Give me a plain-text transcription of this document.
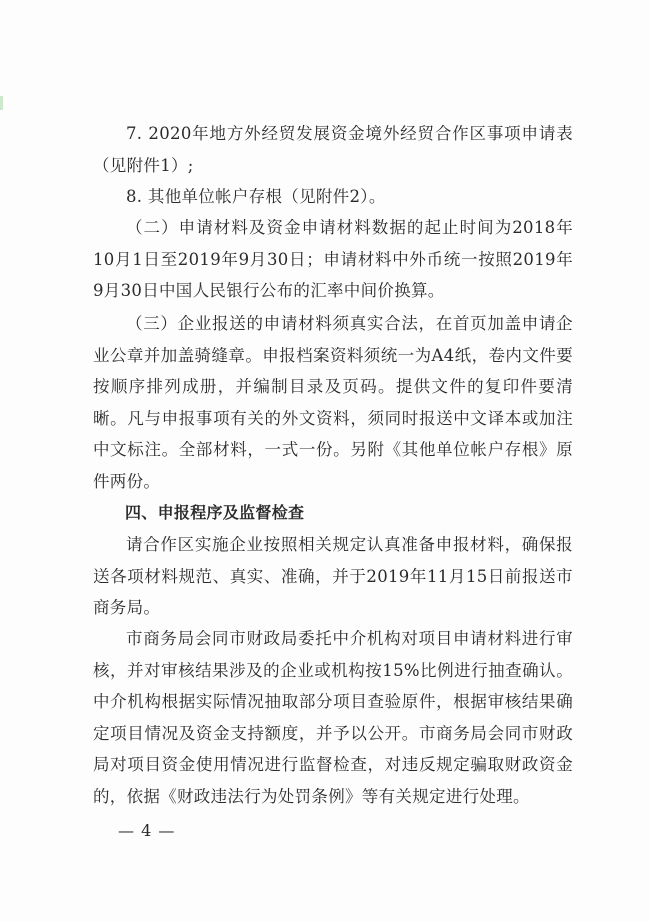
7. 2020年地方外经贸发展资金境外经贸合作区事项申请表（见附件1）;

8. 其他单位帐户存根（见附件2）。

（二）申请材料及资金申请材料数据的起止时间为2018年10月1日至2019年9月30日；申请材料中外币统一按照2019年9月30日中国人民银行公布的汇率中间价换算。

（三）企业报送的申请材料须真实合法，在首页加盖申请企业公章并加盖骑缝章。申报档案资料须统一为A4纸，卷内文件要按顺序排列成册，并编制目录及页码。提供文件的复印件要清晰。凡与申报事项有关的外文资料，须同时报送中文译本或加注中文标注。全部材料，一式一份。另附《其他单位帐户存根》原件两份。

四、申报程序及监督检查

请合作区实施企业按照相关规定认真准备申报材料，确保报送各项材料规范、真实、准确，并于2019年11月15日前报送市商务局。

市商务局会同市财政局委托中介机构对项目申请材料进行审核，并对审核结果涉及的企业或机构按15%比例进行抽查确认。中介机构根据实际情况抽取部分项目查验原件，根据审核结果确定项目情况及资金支持额度，并予以公开。市商务局会同市财政局对项目资金使用情况进行监督检查，对违反规定骗取财政资金的，依据《财政违法行为处罚条例》等有关规定进行处理。

— 4 —
